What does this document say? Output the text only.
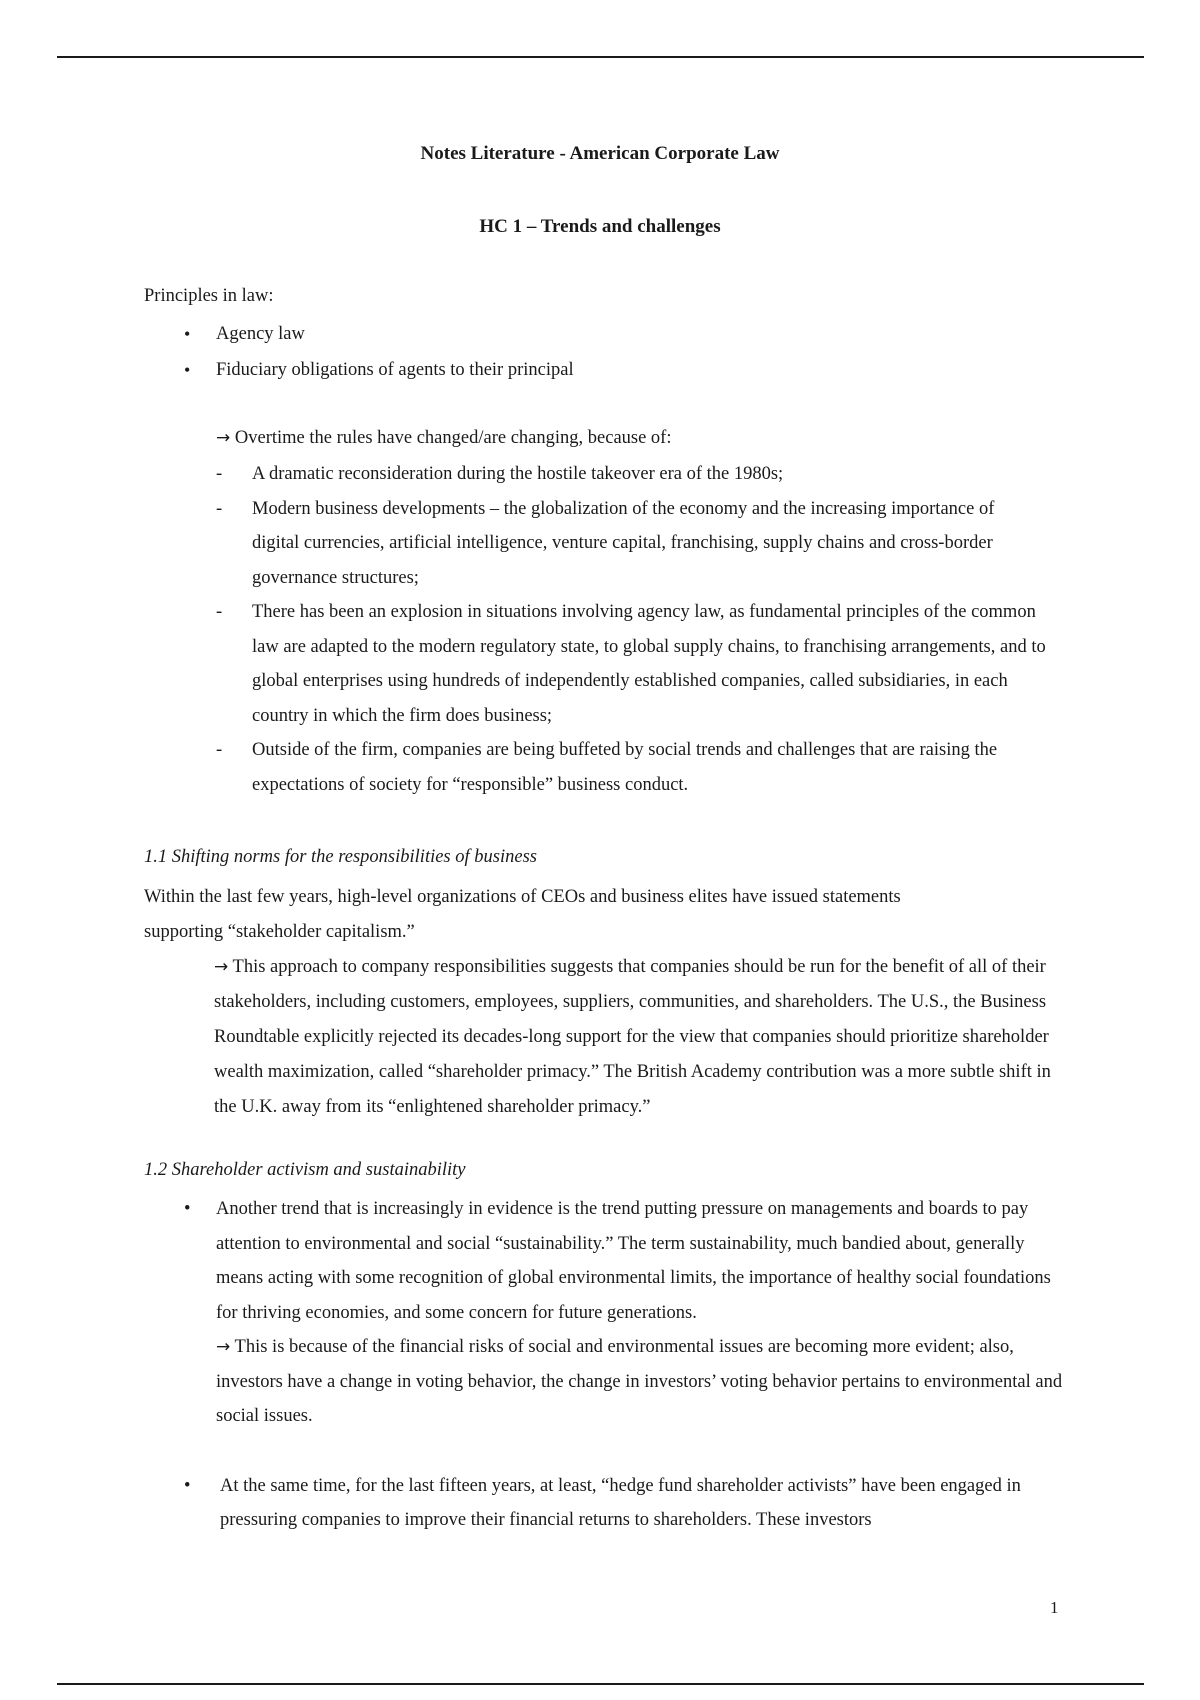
Notes Literature - American Corporate Law
HC 1 – Trends and challenges
Principles in law:
• Agency law
• Fiduciary obligations of agents to their principal
→ Overtime the rules have changed/are changing, because of:
- A dramatic reconsideration during the hostile takeover era of the 1980s;
- Modern business developments – the globalization of the economy and the increasing importance of digital currencies, artificial intelligence, venture capital, franchising, supply chains and cross-border governance structures;
- There has been an explosion in situations involving agency law, as fundamental principles of the common law are adapted to the modern regulatory state, to global supply chains, to franchising arrangements, and to global enterprises using hundreds of independently established companies, called subsidiaries, in each country in which the firm does business;
- Outside of the firm, companies are being buffeted by social trends and challenges that are raising the expectations of society for “responsible” business conduct.
1.1 Shifting norms for the responsibilities of business
Within the last few years, high-level organizations of CEOs and business elites have issued statements supporting “stakeholder capitalism.”
→ This approach to company responsibilities suggests that companies should be run for the benefit of all of their stakeholders, including customers, employees, suppliers, communities, and shareholders. The U.S., the Business Roundtable explicitly rejected its decades-long support for the view that companies should prioritize shareholder wealth maximization, called “shareholder primacy.” The British Academy contribution was a more subtle shift in the U.K. away from its “enlightened shareholder primacy.”
1.2 Shareholder activism and sustainability
• Another trend that is increasingly in evidence is the trend putting pressure on managements and boards to pay attention to environmental and social “sustainability.” The term sustainability, much bandied about, generally means acting with some recognition of global environmental limits, the importance of healthy social foundations for thriving economies, and some concern for future generations.
→ This is because of the financial risks of social and environmental issues are becoming more evident; also, investors have a change in voting behavior, the change in investors’ voting behavior pertains to environmental and social issues.
• At the same time, for the last fifteen years, at least, “hedge fund shareholder activists” have been engaged in pressuring companies to improve their financial returns to shareholders. These investors
1
